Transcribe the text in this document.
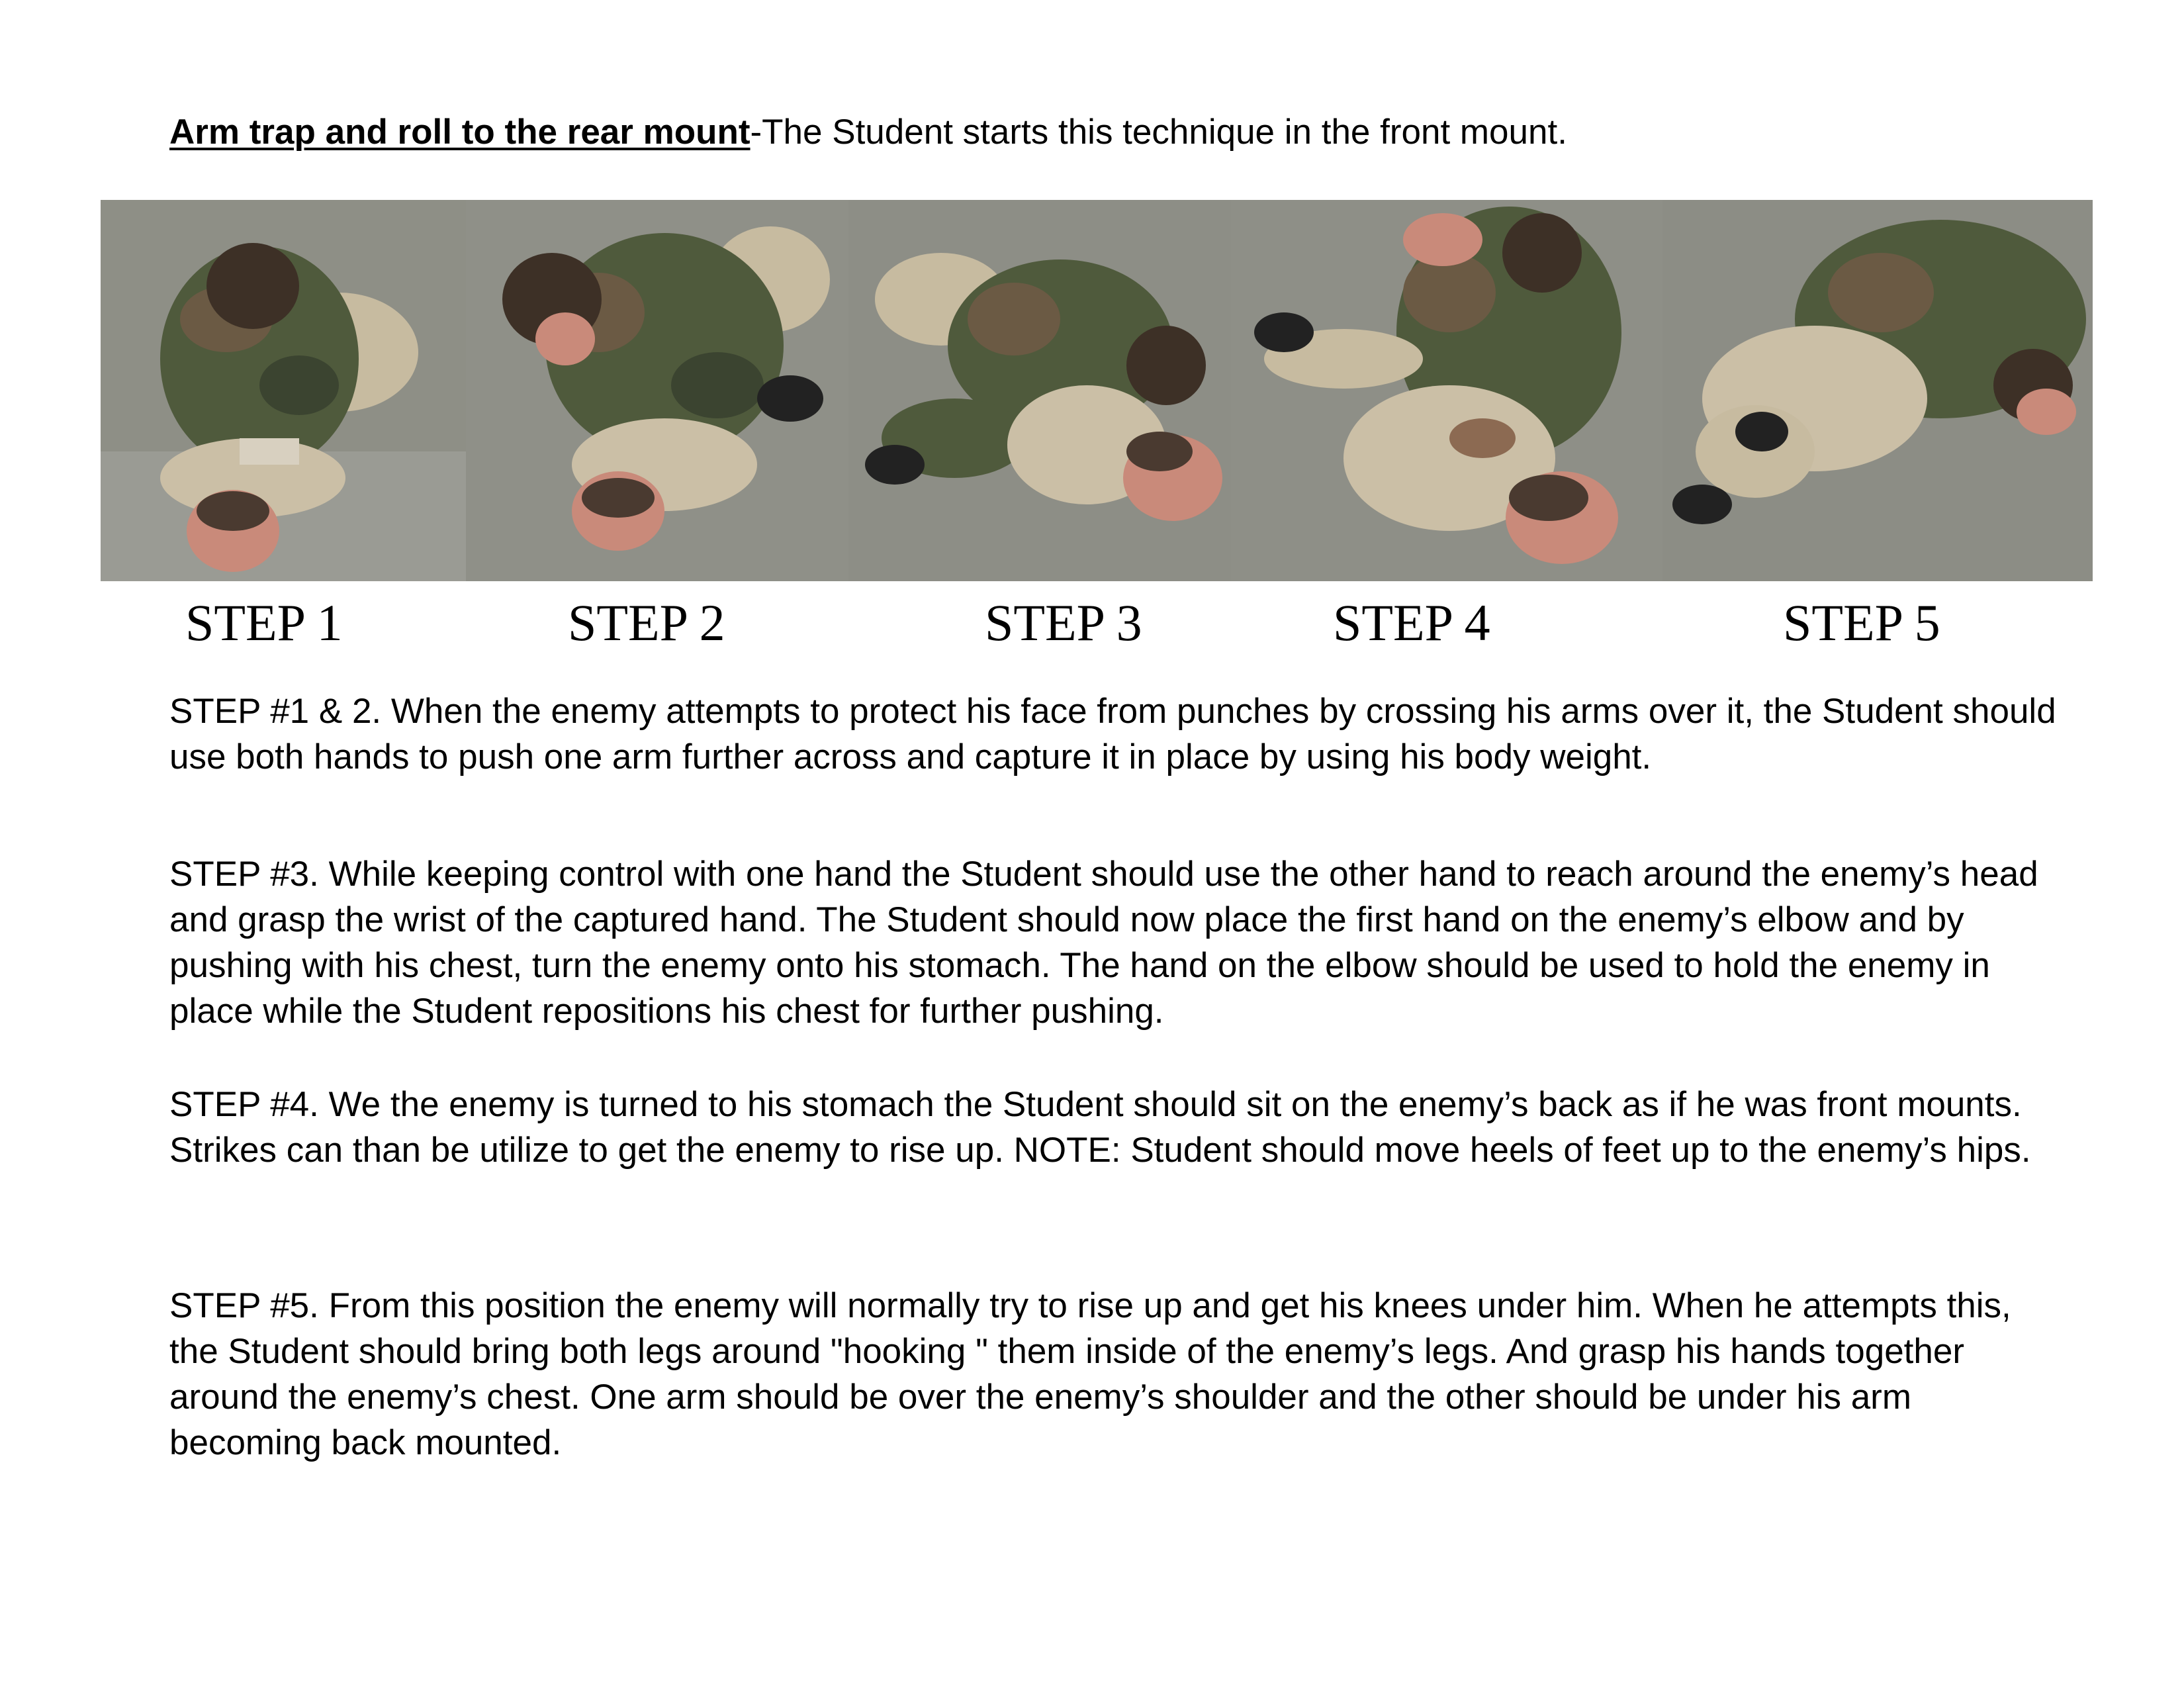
Arm trap and roll to the rear mount-The Student starts this technique in the front mount.
STEP 1	STEP 2	STEP 3	STEP 4	STEP 5

STEP #1 & 2. When the enemy attempts to protect his face from punches by crossing his arms over it, the Student should use both hands to push one arm further across and capture it in place by using his body weight.

STEP #3. While keeping control with one hand the Student should use the other hand to reach around the enemy’s head and grasp the wrist of the captured hand. The Student should now place the first hand on the enemy’s elbow and by pushing with his chest, turn the enemy onto his stomach. The hand on the elbow should be used to hold the enemy in place while the Student repositions his chest for further pushing.

STEP #4. We the enemy is turned to his stomach the Student should sit on the enemy’s back as if he was front mounts. Strikes can than be utilize to get the enemy to rise up. NOTE: Student should move heels of feet up to the enemy’s hips.

STEP #5. From this position the enemy will normally try to rise up and get his knees under him. When he attempts this, the Student should bring both legs around "hooking " them inside of the enemy’s legs. And grasp his hands together around the enemy’s chest. One arm should be over the enemy’s shoulder and the other should be under his arm becoming back mounted.
